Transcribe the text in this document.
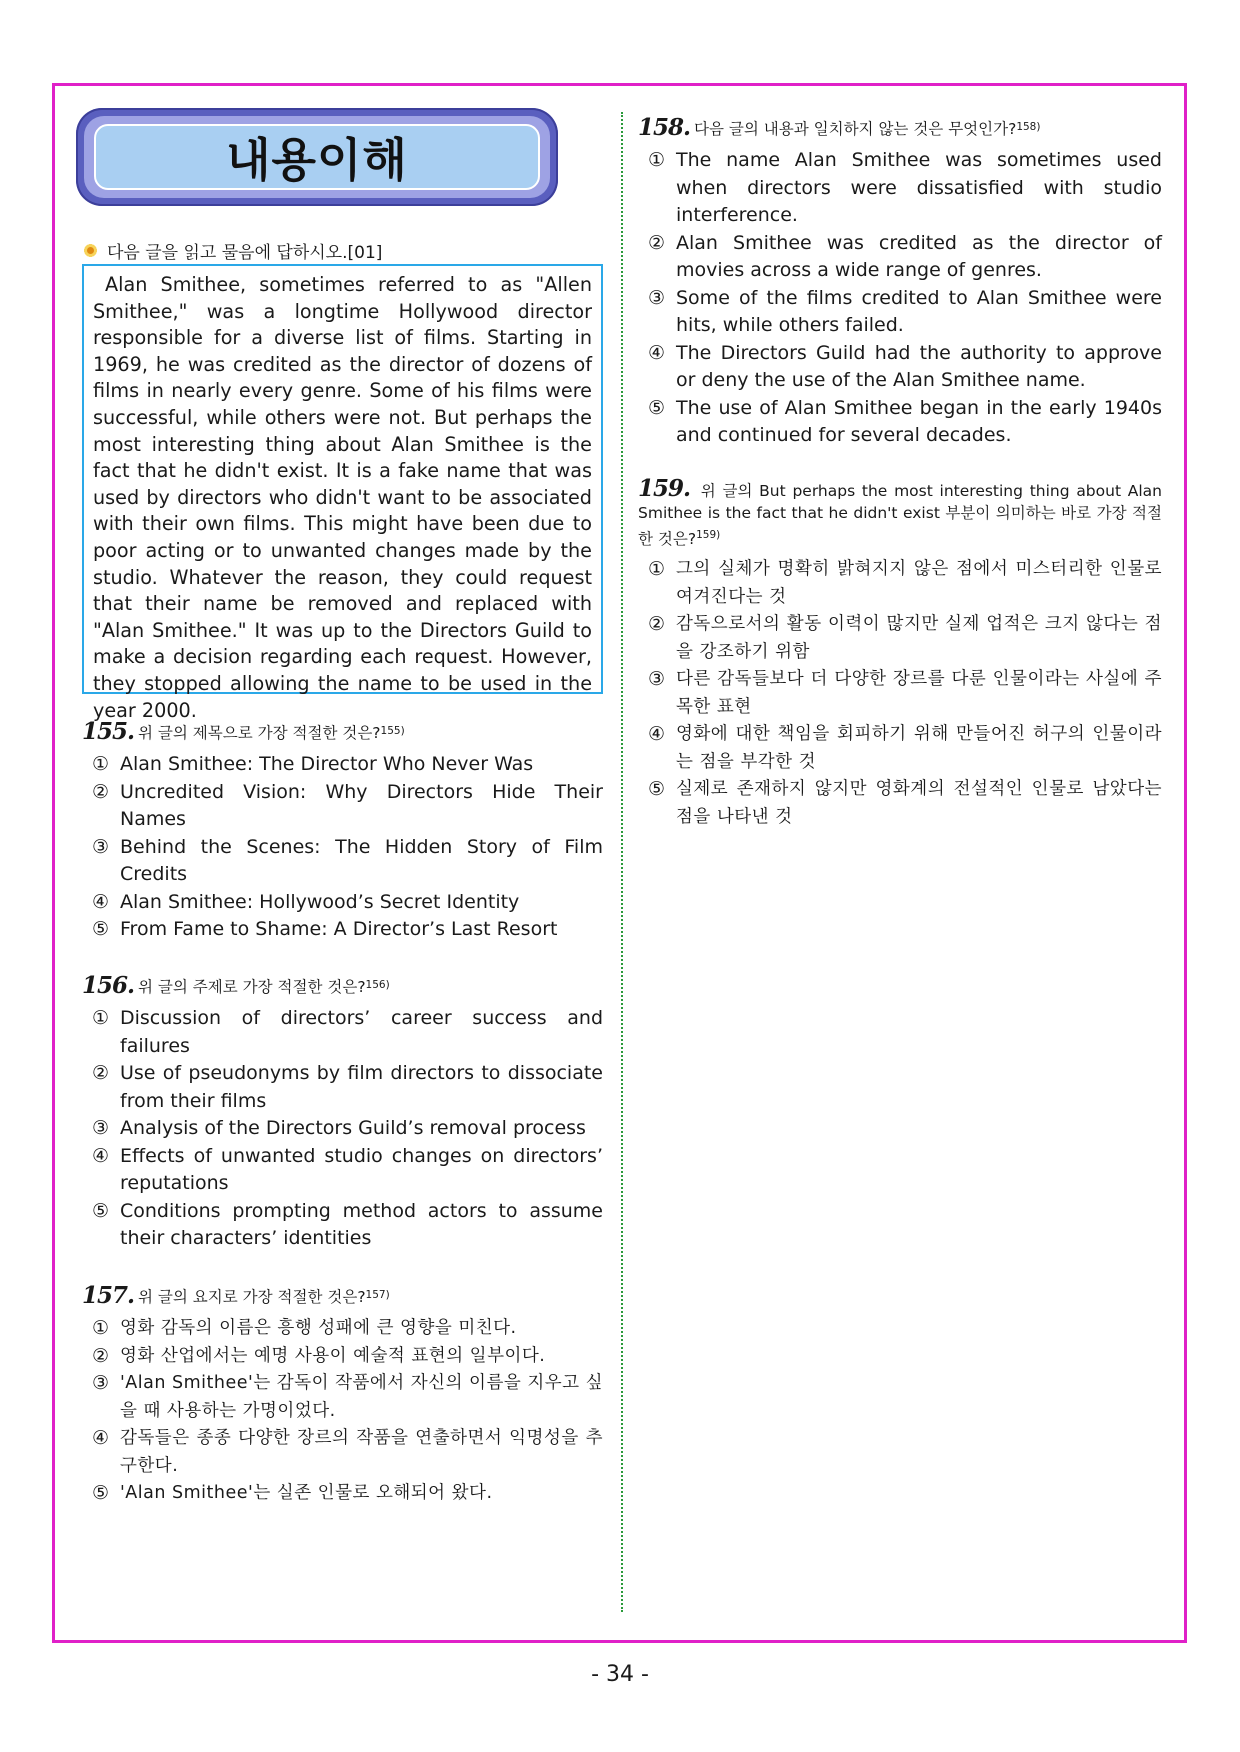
내용이해
다음 글을 읽고 물음에 답하시오.[01]

Alan Smithee, sometimes referred to as "Allen Smithee," was a longtime Hollywood director responsible for a diverse list of films. Starting in 1969, he was credited as the director of dozens of films in nearly every genre. Some of his films were successful, while others were not. But perhaps the most interesting thing about Alan Smithee is the fact that he didn't exist. It is a fake name that was used by directors who didn't want to be associated with their own films. This might have been due to poor acting or to unwanted changes made by the studio. Whatever the reason, they could request that their name be removed and replaced with "Alan Smithee." It was up to the Directors Guild to make a decision regarding each request. However, they stopped allowing the name to be used in the year 2000.

155. 위 글의 제목으로 가장 적절한 것은? 155)
① Alan Smithee: The Director Who Never Was
② Uncredited Vision: Why Directors Hide Their Names
③ Behind the Scenes: The Hidden Story of Film Credits
④ Alan Smithee: Hollywood’s Secret Identity
⑤ From Fame to Shame: A Director’s Last Resort
156. 위 글의 주제로 가장 적절한 것은? 156)
① Discussion of directors’ career success and failures
② Use of pseudonyms by film directors to dissociate from their films
③ Analysis of the Directors Guild’s removal process
④ Effects of unwanted studio changes on directors’ reputations
⑤ Conditions prompting method actors to assume their characters’ identities
157. 위 글의 요지로 가장 적절한 것은? 157)
① 영화 감독의 이름은 흥행 성패에 큰 영향을 미친다.
② 영화 산업에서는 예명 사용이 예술적 표현의 일부이다.
③ 'Alan Smithee'는 감독이 작품에서 자신의 이름을 지우고 싶을 때 사용하는 가명이었다.
④ 감독들은 종종 다양한 장르의 작품을 연출하면서 익명성을 추구한다.
⑤ 'Alan Smithee'는 실존 인물로 오해되어 왔다.
158. 다음 글의 내용과 일치하지 않는 것은 무엇인가? 158)
① The name Alan Smithee was sometimes used when directors were dissatisfied with studio interference.
② Alan Smithee was credited as the director of movies across a wide range of genres.
③ Some of the films credited to Alan Smithee were hits, while others failed.
④ The Directors Guild had the authority to approve or deny the use of the Alan Smithee name.
⑤ The use of Alan Smithee began in the early 1940s and continued for several decades.
159. 위 글의 But perhaps the most interesting thing about Alan Smithee is the fact that he didn't exist 부분이 의미하는 바로 가장 적절한 것은?$^{159)}$
① 그의 실체가 명확히 밝혀지지 않은 점에서 미스터리한 인물로 여겨진다는 것
② 감독으로서의 활동 이력이 많지만 실제 업적은 크지 않다는 점을 강조하기 위함
③ 다른 감독들보다 더 다양한 장르를 다룬 인물이라는 사실에 주목한 표현
④ 영화에 대한 책임을 회피하기 위해 만들어진 허구의 인물이라는 점을 부각한 것
⑤ 실제로 존재하지 않지만 영화계의 전설적인 인물로 남았다는 점을 나타낸 것
- 34 -
